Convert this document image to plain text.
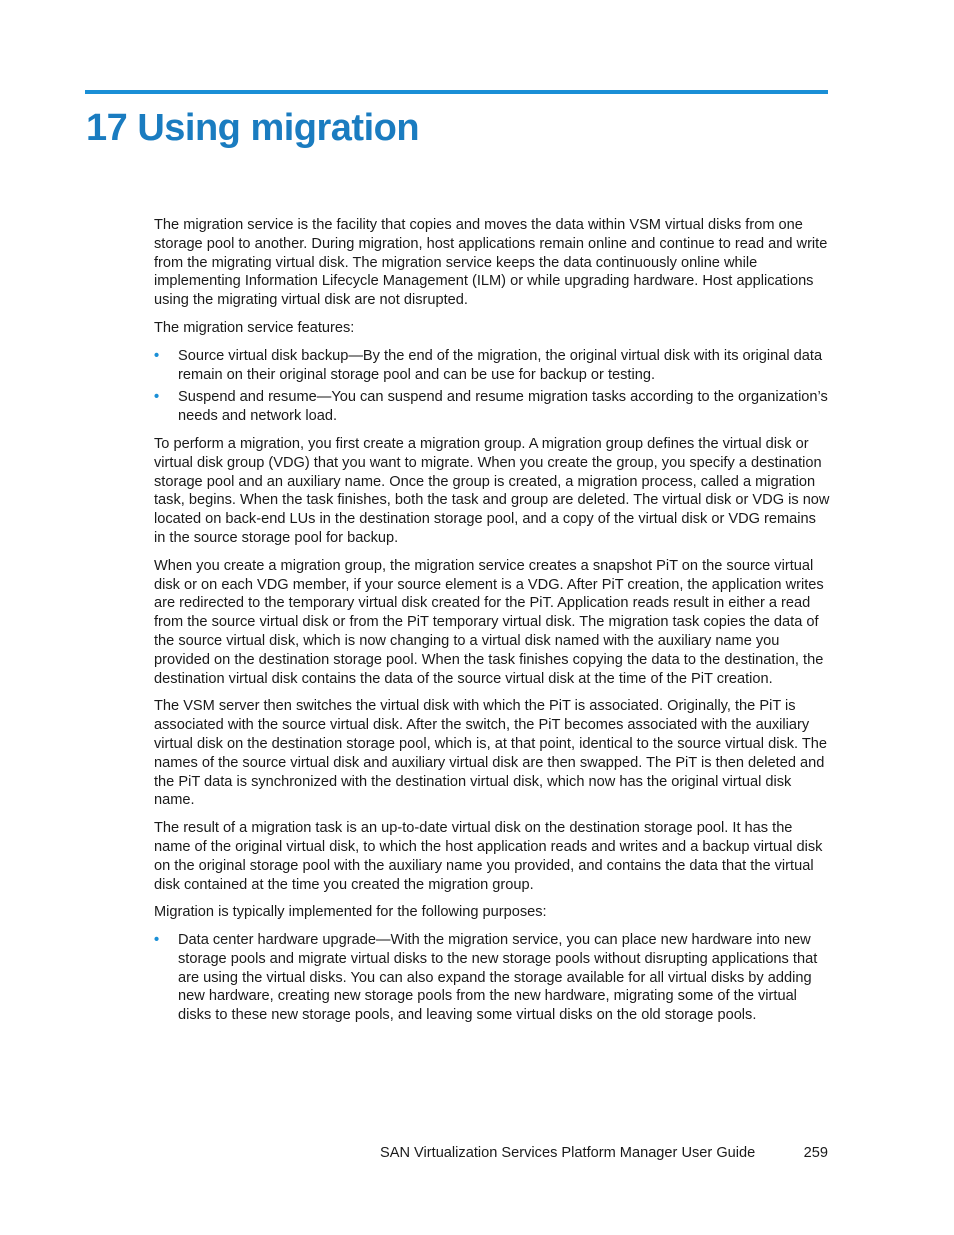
17 Using migration

The migration service is the facility that copies and moves the data within VSM virtual disks from one storage pool to another. During migration, host applications remain online and continue to read and write from the migrating virtual disk. The migration service keeps the data continuously online while implementing Information Lifecycle Management (ILM) or while upgrading hardware. Host applications using the migrating virtual disk are not disrupted.

The migration service features:

• Source virtual disk backup—By the end of the migration, the original virtual disk with its original data remain on their original storage pool and can be use for backup or testing.
• Suspend and resume—You can suspend and resume migration tasks according to the organization’s needs and network load.

To perform a migration, you first create a migration group. A migration group defines the virtual disk or virtual disk group (VDG) that you want to migrate. When you create the group, you specify a destination storage pool and an auxiliary name. Once the group is created, a migration process, called a migration task, begins. When the task finishes, both the task and group are deleted. The virtual disk or VDG is now located on back-end LUs in the destination storage pool, and a copy of the virtual disk or VDG remains in the source storage pool for backup.

When you create a migration group, the migration service creates a snapshot PiT on the source virtual disk or on each VDG member, if your source element is a VDG. After PiT creation, the application writes are redirected to the temporary virtual disk created for the PiT. Application reads result in either a read from the source virtual disk or from the PiT temporary virtual disk. The migration task copies the data of the source virtual disk, which is now changing to a virtual disk named with the auxiliary name you provided on the destination storage pool. When the task finishes copying the data to the destination, the destination virtual disk contains the data of the source virtual disk at the time of the PiT creation.

The VSM server then switches the virtual disk with which the PiT is associated. Originally, the PiT is associated with the source virtual disk. After the switch, the PiT becomes associated with the auxiliary virtual disk on the destination storage pool, which is, at that point, identical to the source virtual disk. The names of the source virtual disk and auxiliary virtual disk are then swapped. The PiT is then deleted and the PiT data is synchronized with the destination virtual disk, which now has the original virtual disk name.

The result of a migration task is an up-to-date virtual disk on the destination storage pool. It has the name of the original virtual disk, to which the host application reads and writes and a backup virtual disk on the original storage pool with the auxiliary name you provided, and contains the data that the virtual disk contained at the time you created the migration group.

Migration is typically implemented for the following purposes:

• Data center hardware upgrade—With the migration service, you can place new hardware into new storage pools and migrate virtual disks to the new storage pools without disrupting applications that are using the virtual disks. You can also expand the storage available for all virtual disks by adding new hardware, creating new storage pools from the new hardware, migrating some of the virtual disks to these new storage pools, and leaving some virtual disks on the old storage pools.
SAN Virtualization Services Platform Manager User Guide	259
